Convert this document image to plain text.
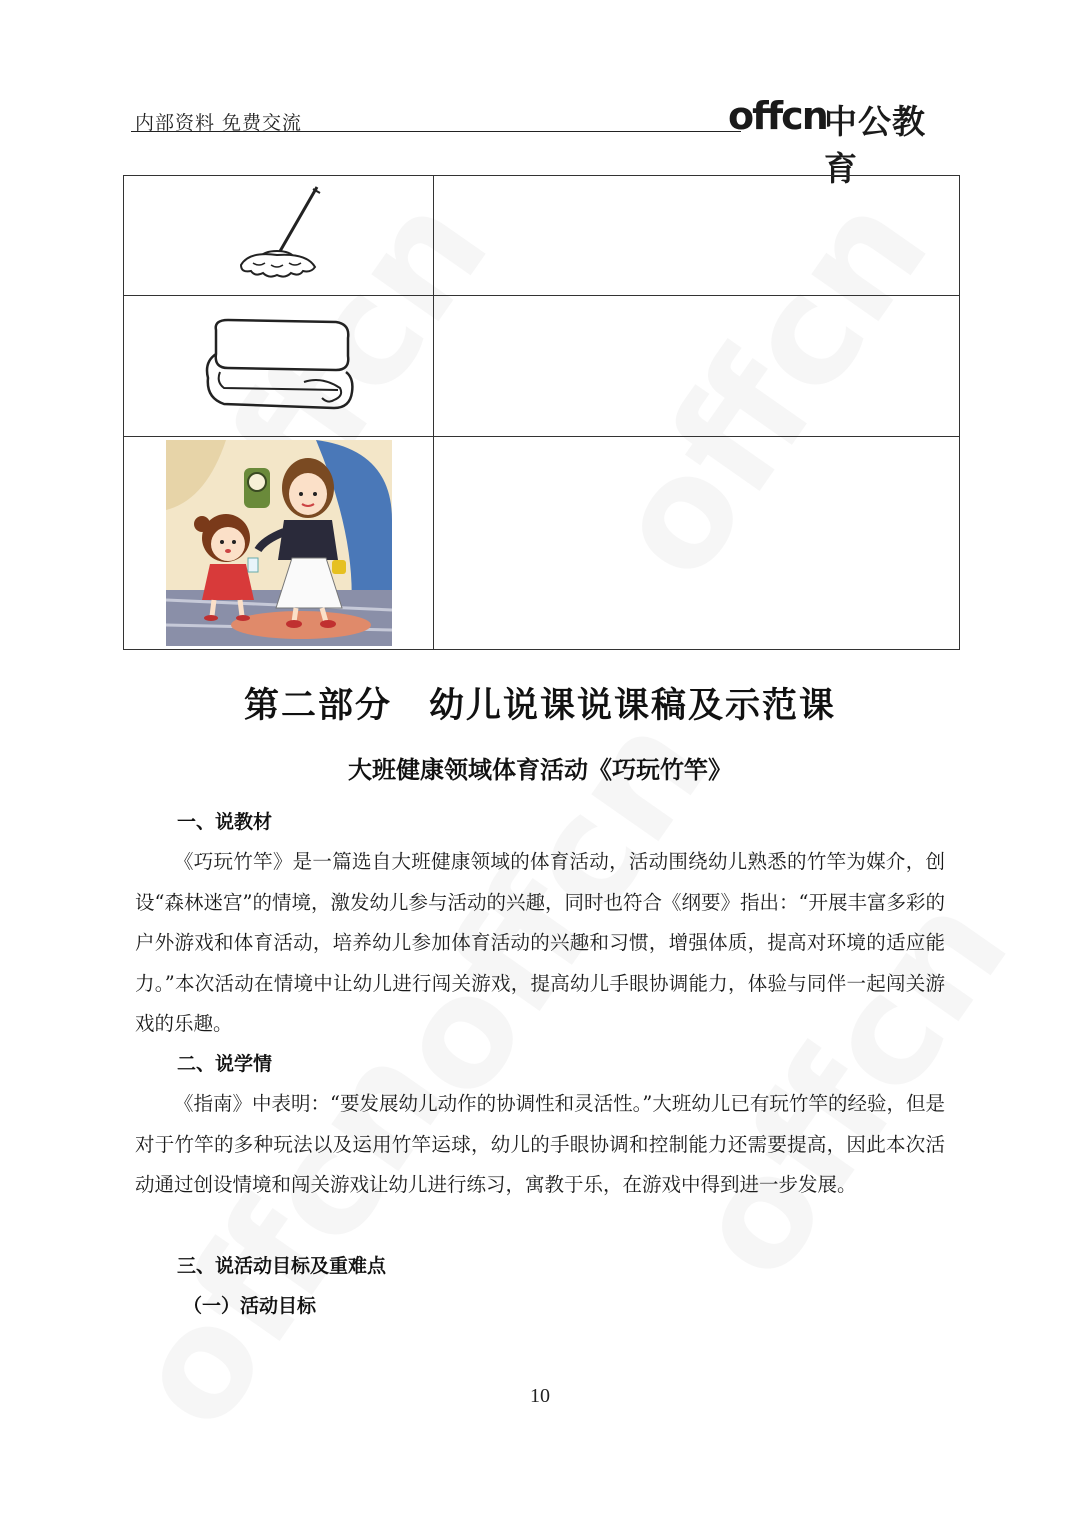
内部资料 免费交流	offcn
中公教育

第二部分　幼儿说课说课稿及示范课
大班健康领域体育活动《巧玩竹竿》

一、说教材

《巧玩竹竿》是一篇选自大班健康领域的体育活动，活动围绕幼儿熟悉的竹竿为媒介，创设“森林迷宫”的情境，激发幼儿参与活动的兴趣，同时也符合《纲要》指出：“开展丰富多彩的户外游戏和体育活动，培养幼儿参加体育活动的兴趣和习惯，增强体质，提高对环境的适应能力。”本次活动在情境中让幼儿进行闯关游戏，提高幼儿手眼协调能力，体验与同伴一起闯关游戏的乐趣。

二、说学情

《指南》中表明：“要发展幼儿动作的协调性和灵活性。”大班幼儿已有玩竹竿的经验，但是对于竹竿的多种玩法以及运用竹竿运球，幼儿的手眼协调和控制能力还需要提高，因此本次活动通过创设情境和闯关游戏让幼儿进行练习，寓教于乐，在游戏中得到进一步发展。

三、说活动目标及重难点

（一）活动目标

10
